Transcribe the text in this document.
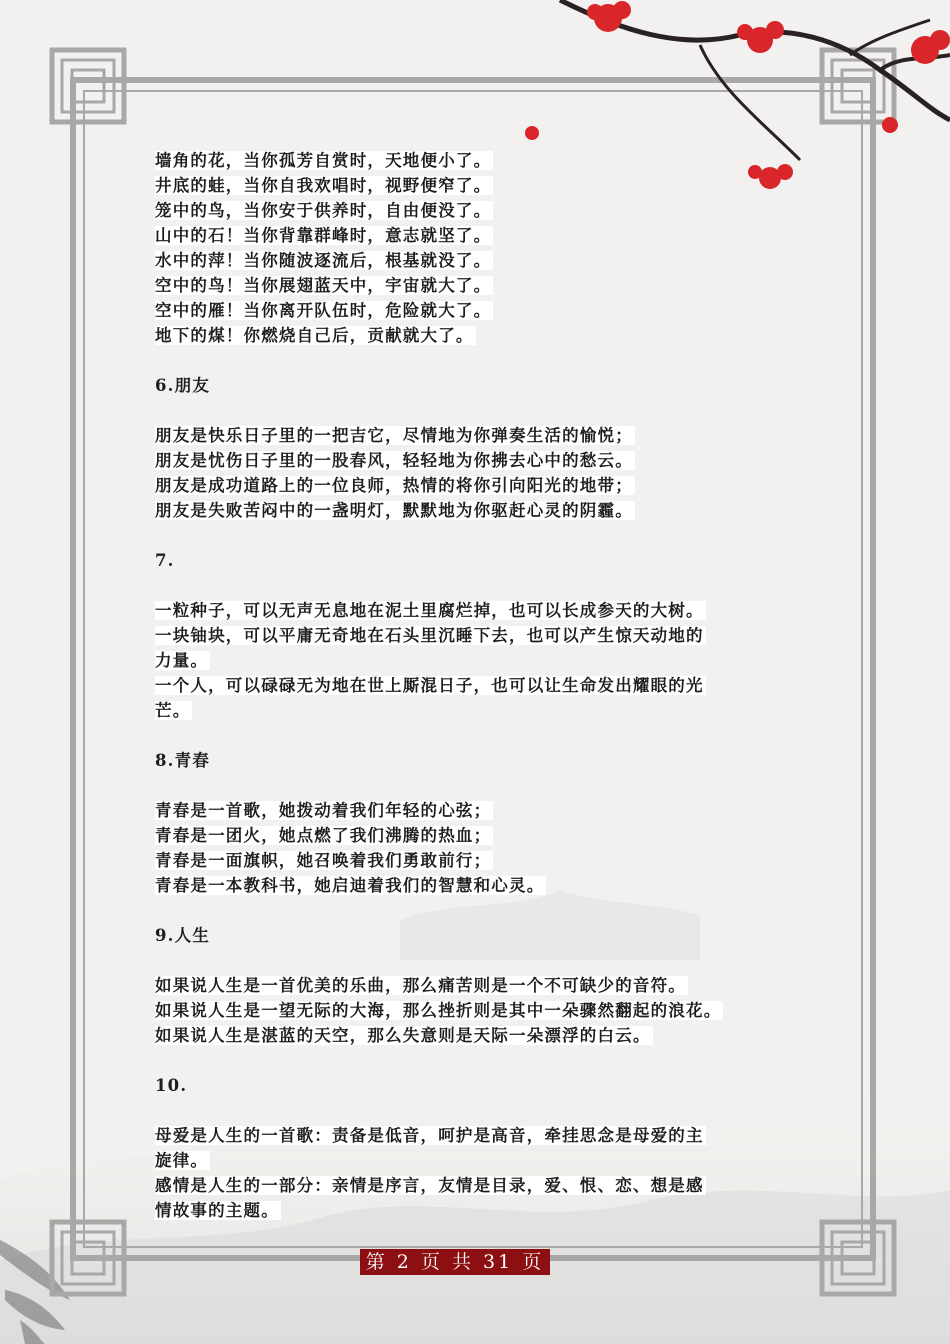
墙角的花，当你孤芳自赏时，天地便小了。
井底的蛙，当你自我欢唱时，视野便窄了。
笼中的鸟，当你安于供养时，自由便没了。
山中的石！当你背靠群峰时，意志就坚了。
水中的萍！当你随波逐流后，根基就没了。
空中的鸟！当你展翅蓝天中，宇宙就大了。
空中的雁！当你离开队伍时，危险就大了。
地下的煤！你燃烧自己后，贡献就大了。
6.朋友
朋友是快乐日子里的一把吉它，尽情地为你弹奏生活的愉悦；
朋友是忧伤日子里的一股春风，轻轻地为你拂去心中的愁云。
朋友是成功道路上的一位良师，热情的将你引向阳光的地带；
朋友是失败苦闷中的一盏明灯，默默地为你驱赶心灵的阴霾。
7.
一粒种子，可以无声无息地在泥土里腐烂掉，也可以长成参天的大树。
一块铀块，可以平庸无奇地在石头里沉睡下去，也可以产生惊天动地的
力量。
一个人，可以碌碌无为地在世上厮混日子，也可以让生命发出耀眼的光
芒。
8.青春
青春是一首歌，她拨动着我们年轻的心弦；
青春是一团火，她点燃了我们沸腾的热血；
青春是一面旗帜，她召唤着我们勇敢前行；
青春是一本教科书，她启迪着我们的智慧和心灵。
9.人生
如果说人生是一首优美的乐曲，那么痛苦则是一个不可缺少的音符。
如果说人生是一望无际的大海，那么挫折则是其中一朵骤然翻起的浪花。
如果说人生是湛蓝的天空，那么失意则是天际一朵漂浮的白云。
10.
母爱是人生的一首歌：责备是低音，呵护是高音，牵挂思念是母爱的主
旋律。
感情是人生的一部分：亲情是序言，友情是目录，爱、恨、恋、想是感
情故事的主题。
第 2 页 共 31 页
